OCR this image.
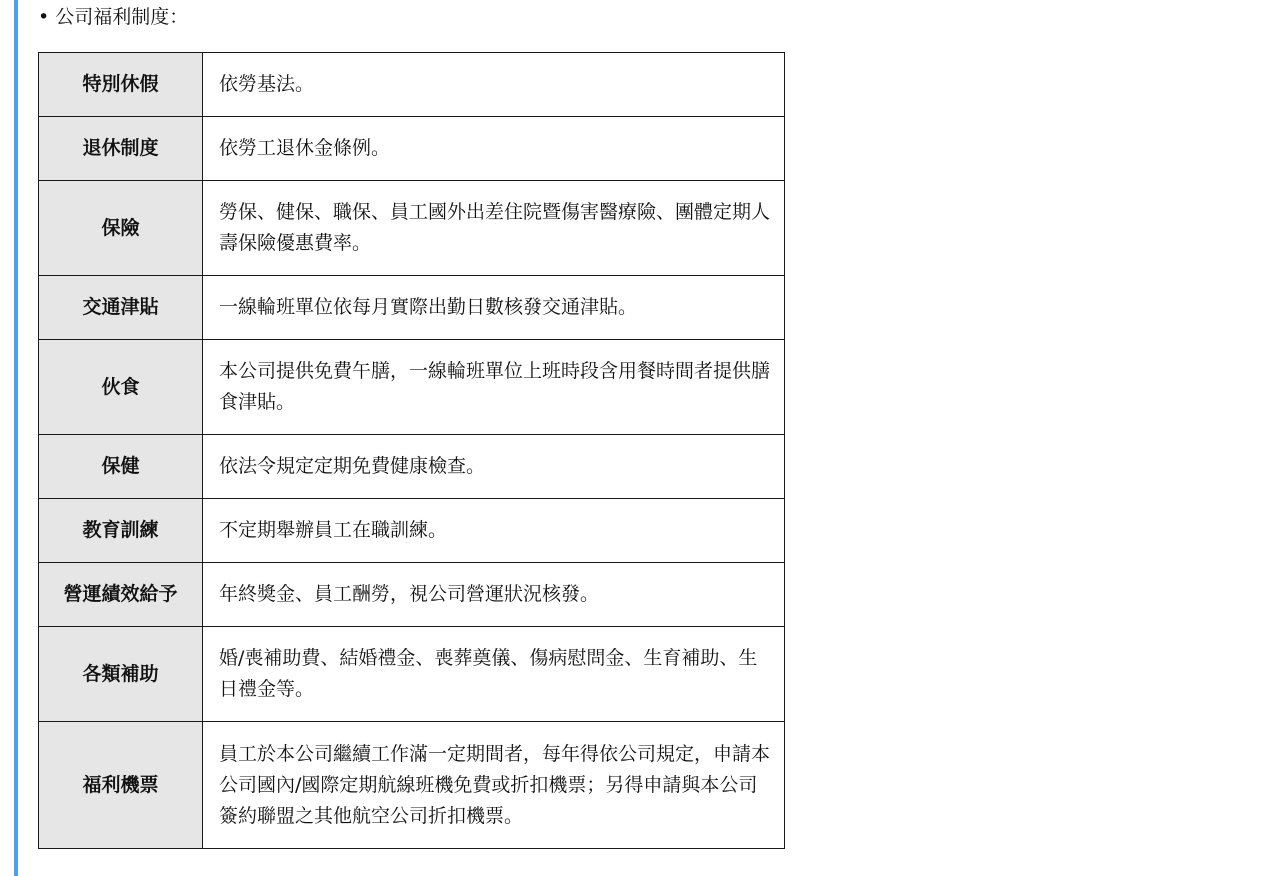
• 公司福利制度：
特別休假	依勞基法。
退休制度	依勞工退休金條例。
保險	勞保、健保、職保、員工國外出差住院暨傷害醫療險、團體定期人壽保險優惠費率。
交通津貼	一線輪班單位依每月實際出勤日數核發交通津貼。
伙食	本公司提供免費午膳，一線輪班單位上班時段含用餐時間者提供膳食津貼。
保健	依法令規定定期免費健康檢查。
教育訓練	不定期舉辦員工在職訓練。
營運績效給予	年終獎金、員工酬勞，視公司營運狀況核發。
各類補助	婚/喪補助費、結婚禮金、喪葬奠儀、傷病慰問金、生育補助、生日禮金等。
福利機票	員工於本公司繼續工作滿一定期間者，每年得依公司規定，申請本公司國內/國際定期航線班機免費或折扣機票；另得申請與本公司簽約聯盟之其他航空公司折扣機票。
